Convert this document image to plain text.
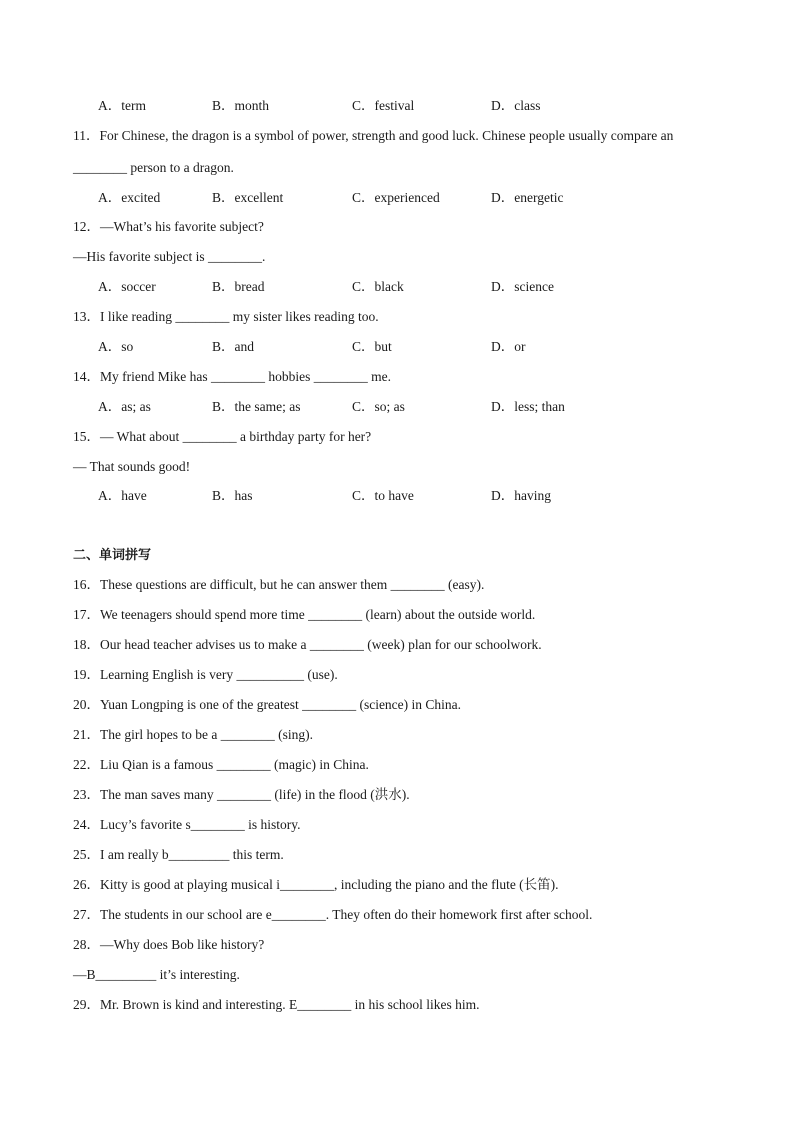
A．term	B．month	C．festival	D．class
11．For Chinese, the dragon is a symbol of power, strength and good luck. Chinese people usually compare an
________ person to a dragon.
A．excited	B．excellent	C．experienced	D．energetic
12．—What’s his favorite subject?
—His favorite subject is ________.
A．soccer	B．bread	C．black	D．science
13．I like reading ________ my sister likes reading too.
A．so	B．and	C．but	D．or
14．My friend Mike has ________ hobbies ________ me.
A．as; as	B．the same; as	C．so; as	D．less; than
15．— What about ________ a birthday party for her?
— That sounds good!
A．have	B．has	C．to have	D．having
二、单词拼写
16．These questions are difficult, but he can answer them ________ (easy).
17．We teenagers should spend more time ________ (learn) about the outside world.
18．Our head teacher advises us to make a ________ (week) plan for our schoolwork.
19．Learning English is very __________ (use).
20．Yuan Longping is one of the greatest ________ (science) in China.
21．The girl hopes to be a ________ (sing).
22．Liu Qian is a famous ________ (magic) in China.
23．The man saves many ________ (life) in the flood (洪水).
24．Lucy’s favorite s________ is history.
25．I am really b_________ this term.
26．Kitty is good at playing musical i________, including the piano and the flute (长笛).
27．The students in our school are e________. They often do their homework first after school.
28．—Why does Bob like history?
—B_________ it’s interesting.
29．Mr. Brown is kind and interesting. E________ in his school likes him.
